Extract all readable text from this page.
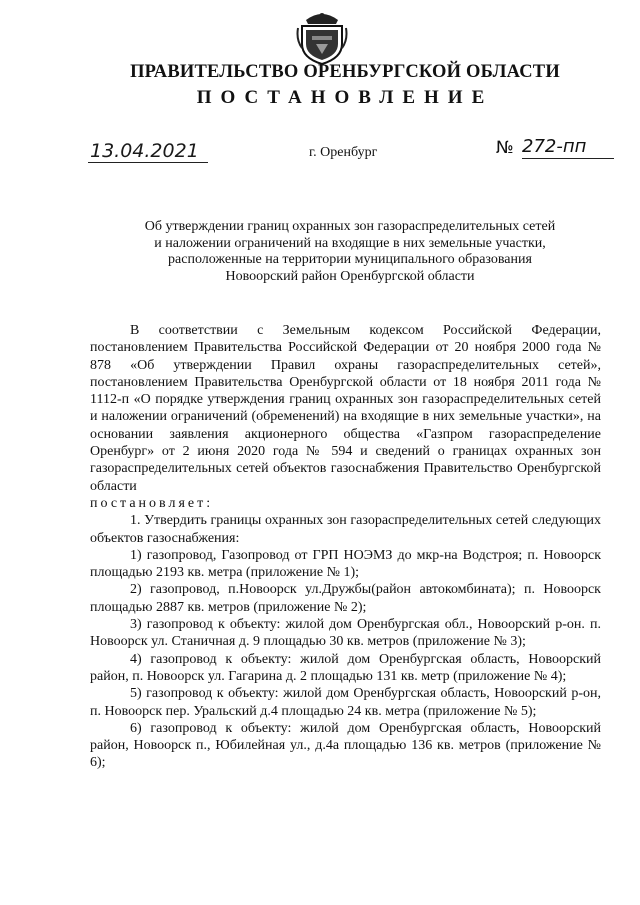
ПРАВИТЕЛЬСТВО ОРЕНБУРГСКОЙ ОБЛАСТИ
ПОСТАНОВЛЕНИЕ
13.04.2021	г. Оренбург	№ 272-пп
Об утверждении границ охранных зон газораспределительных сетей
и наложении ограничений на входящие в них земельные участки,
расположенные на территории муниципального образования
Новоорский район Оренбургской области

В соответствии с Земельным кодексом Российской Федерации, постановлением Правительства Российской Федерации от 20 ноября 2000 года № 878 «Об утверждении Правил охраны газораспределительных сетей», постановлением Правительства Оренбургской области от 18 ноября 2011 года № 1112-п «О порядке утверждения границ охранных зон газораспределительных сетей и наложении ограничений (обременений) на входящие в них земельные участки», на основании заявления акционерного общества «Газпром газораспределение Оренбург» от 2 июня 2020 года № 594 и сведений о границах охранных зон газораспределительных сетей объектов газоснабжения Правительство Оренбургской области

постановляет:

1. Утвердить границы охранных зон газораспределительных сетей следующих объектов газоснабжения:

1) газопровод, Газопровод от ГРП НОЭМЗ до мкр-на Водстроя; п. Новоорск площадью 2193 кв. метра (приложение № 1);

2) газопровод, п.Новоорск ул.Дружбы(район автокомбината); п. Новоорск площадью 2887 кв. метров (приложение № 2);

3) газопровод к объекту: жилой дом Оренбургская обл., Новоорский р-он. п. Новоорск ул. Станичная д. 9 площадью 30 кв. метров (приложение № 3);

4) газопровод к объекту: жилой дом Оренбургская область, Новоорский район, п. Новоорск ул. Гагарина д. 2 площадью 131 кв. метр (приложение № 4);

5) газопровод к объекту: жилой дом Оренбургская область, Новоорский р-он, п. Новоорск пер. Уральский д.4 площадью 24 кв. метра (приложение № 5);

6) газопровод к объекту: жилой дом Оренбургская область, Новоорский район, Новоорск п., Юбилейная ул., д.4а площадью 136 кв. метров (приложение № 6);
